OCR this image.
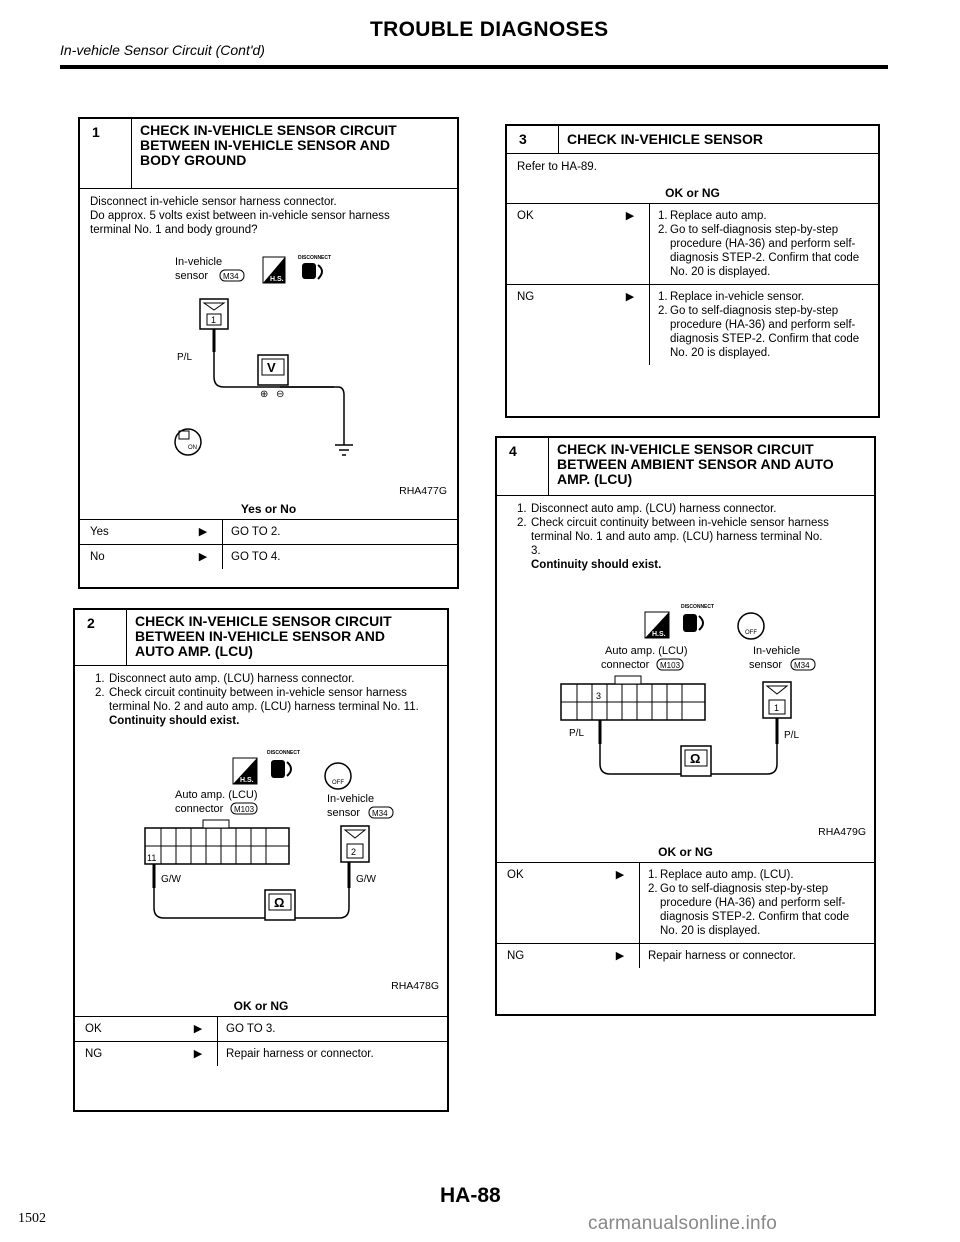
In-vehicle Sensor Circuit (Cont'd)
TROUBLE DIAGNOSES
1	CHECK IN-VEHICLE SENSOR CIRCUIT
BETWEEN IN-VEHICLE SENSOR AND
BODY GROUND

Disconnect in-vehicle sensor harness connector.

Do approx. 5 volts exist between in-vehicle sensor harness

terminal No. 1 and body ground?

In-vehicle
sensor M34	H.S.
DISCONNECT
1
P/L
V
⊕ ⊖
ON
RHA477G
Yes or No
Yes	▶	GO TO 2.
No	▶	GO TO 4.
2	CHECK IN-VEHICLE SENSOR CIRCUIT
BETWEEN IN-VEHICLE SENSOR AND
AUTO AMP. (LCU)
1. Disconnect auto amp. (LCU) harness connector.
2. Check circuit continuity between in-vehicle sensor harness terminal No. 2 and auto amp. (LCU) harness terminal No. 11.
Continuity should exist.
H.S.
DISCONNECT
OFF
Auto amp. (LCU)
connector M103
In-vehicle
sensor M34
11
2
G/W	G/W
Ω
RHA478G
OK or NG
OK	▶	GO TO 3.
NG	▶	Repair harness or connector.
3	CHECK IN-VEHICLE SENSOR
Refer to HA-89.
OK or NG
OK	▶	1. Replace auto amp.
2. Go to self-diagnosis step-by-step procedure (HA-36) and perform self-diagnosis STEP-2. Confirm that code No. 20 is displayed.
NG	▶	1. Replace in-vehicle sensor.
2. Go to self-diagnosis step-by-step procedure (HA-36) and perform self-diagnosis STEP-2. Confirm that code No. 20 is displayed.
4	CHECK IN-VEHICLE SENSOR CIRCUIT
BETWEEN AMBIENT SENSOR AND AUTO
AMP. (LCU)
1. Disconnect auto amp. (LCU) harness connector.
2. Check circuit continuity between in-vehicle sensor harness terminal No. 1 and auto amp. (LCU) harness terminal No.
3.
Continuity should exist.
H.S.
DISCONNECT
OFF
Auto amp. (LCU)
connector M103
In-vehicle
sensor M34
3
1
P/L	P/L
Ω
RHA479G
OK or NG
OK	▶	1. Replace auto amp. (LCU).
2. Go to self-diagnosis step-by-step procedure (HA-36) and perform self-diagnosis STEP-2. Confirm that code No. 20 is displayed.
NG	▶	Repair harness or connector.
HA-88
1502	carmanualsonline.info
